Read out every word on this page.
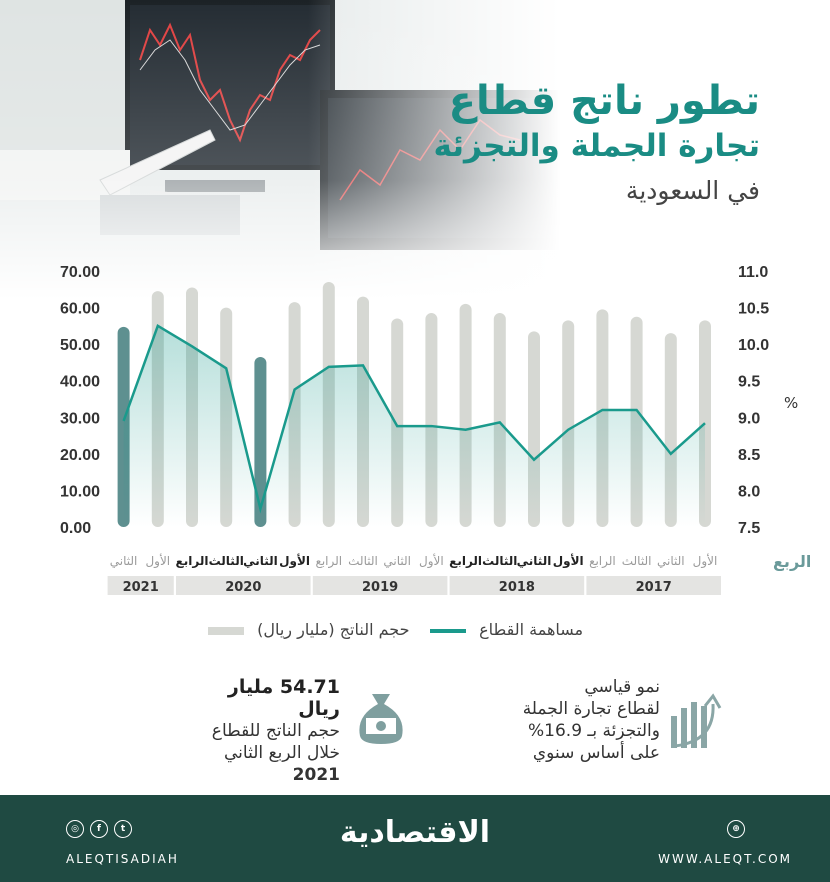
تطور ناتج قطاع
تجارة الجملة والتجزئة
في السعودية
70.00
60.00
50.00
40.00
30.00
20.00
10.00
0.00
11.0
10.5
10.0
9.5
9.0
8.5
8.0
7.5
%
الأول
الثاني
الثالث
الرابع
الأول
الثاني
الثالث
الرابع
الأول
الثاني
الثالث
الرابع
الأول
الثاني
الثالث
الرابع
الأول
الثاني	الربع
2017
2018
2019
2020
2021
مساهمة القطاع
حجم الناتج (مليار ريال)
نمو قياسي
لقطاع تجارة الجملة
والتجزئة بـ 16.9%
على أساس سنوي
54.71 مليار ريال
حجم الناتج للقطاع
خلال الربع الثاني
2021
الاقتصادية
◎	f	t	⊕
ALEQTISADIAH	WWW.ALEQT.COM
